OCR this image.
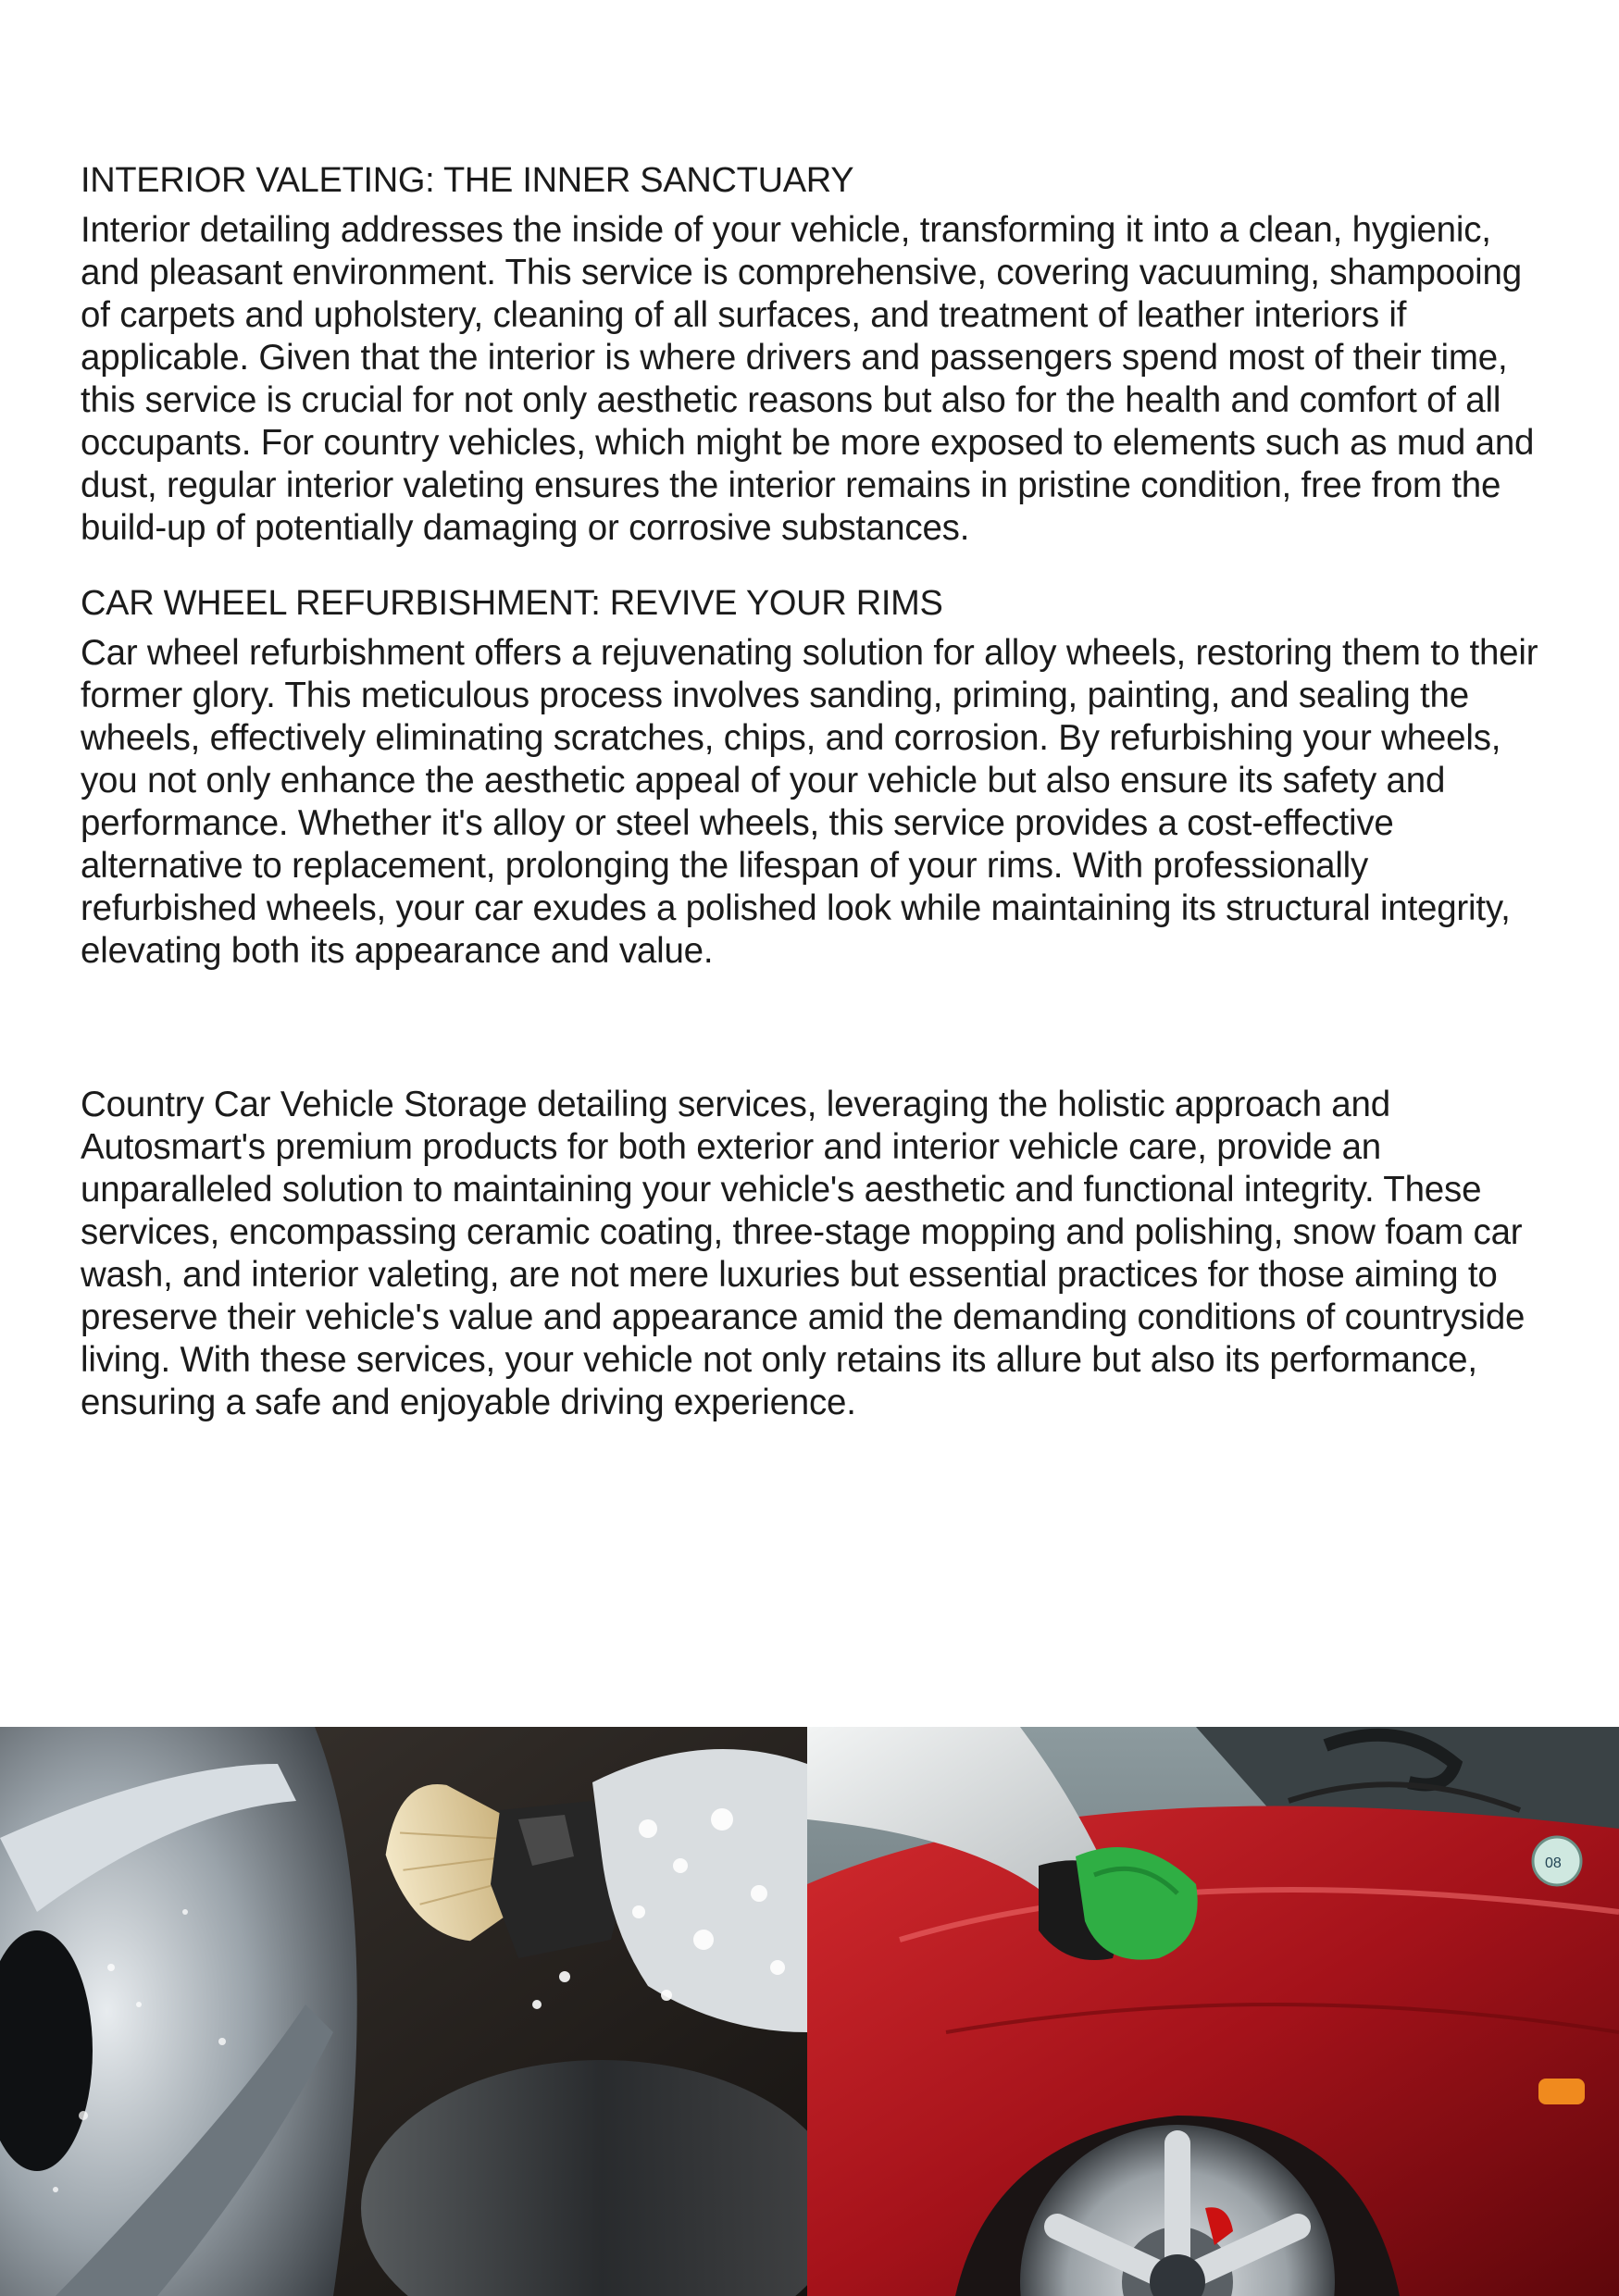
INTERIOR VALETING: THE INNER SANCTUARY

Interior detailing addresses the inside of your vehicle, transforming it into a clean, hygienic, and pleasant environment. This service is comprehensive, covering vacuuming, shampooing of carpets and upholstery, cleaning of all surfaces, and treatment of leather interiors if applicable. Given that the interior is where drivers and passengers spend most of their time, this service is crucial for not only aesthetic reasons but also for the health and comfort of all occupants. For country vehicles, which might be more exposed to elements such as mud and dust, regular interior valeting ensures the interior remains in pristine condition, free from the build-up of potentially damaging or corrosive substances.

CAR WHEEL REFURBISHMENT: REVIVE YOUR RIMS

Car wheel refurbishment offers a rejuvenating solution for alloy wheels, restoring them to their former glory. This meticulous process involves sanding, priming, painting, and sealing the wheels, effectively eliminating scratches, chips, and corrosion. By refurbishing your wheels, you not only enhance the aesthetic appeal of your vehicle but also ensure its safety and performance. Whether it's alloy or steel wheels, this service provides a cost-effective alternative to replacement, prolonging the lifespan of your rims. With professionally refurbished wheels, your car exudes a polished look while maintaining its structural integrity, elevating both its appearance and value.

Country Car Vehicle Storage detailing services, leveraging the holistic approach and Autosmart's premium products for both exterior and interior vehicle care, provide an unparalleled solution to maintaining your vehicle's aesthetic and functional integrity. These services, encompassing ceramic coating, three-stage mopping and polishing, snow foam car wash, and interior valeting, are not mere luxuries but essential practices for those aiming to preserve their vehicle's value and appearance amid the demanding conditions of countryside living. With these services, your vehicle not only retains its allure but also its performance, ensuring a safe and enjoyable driving experience.

08
